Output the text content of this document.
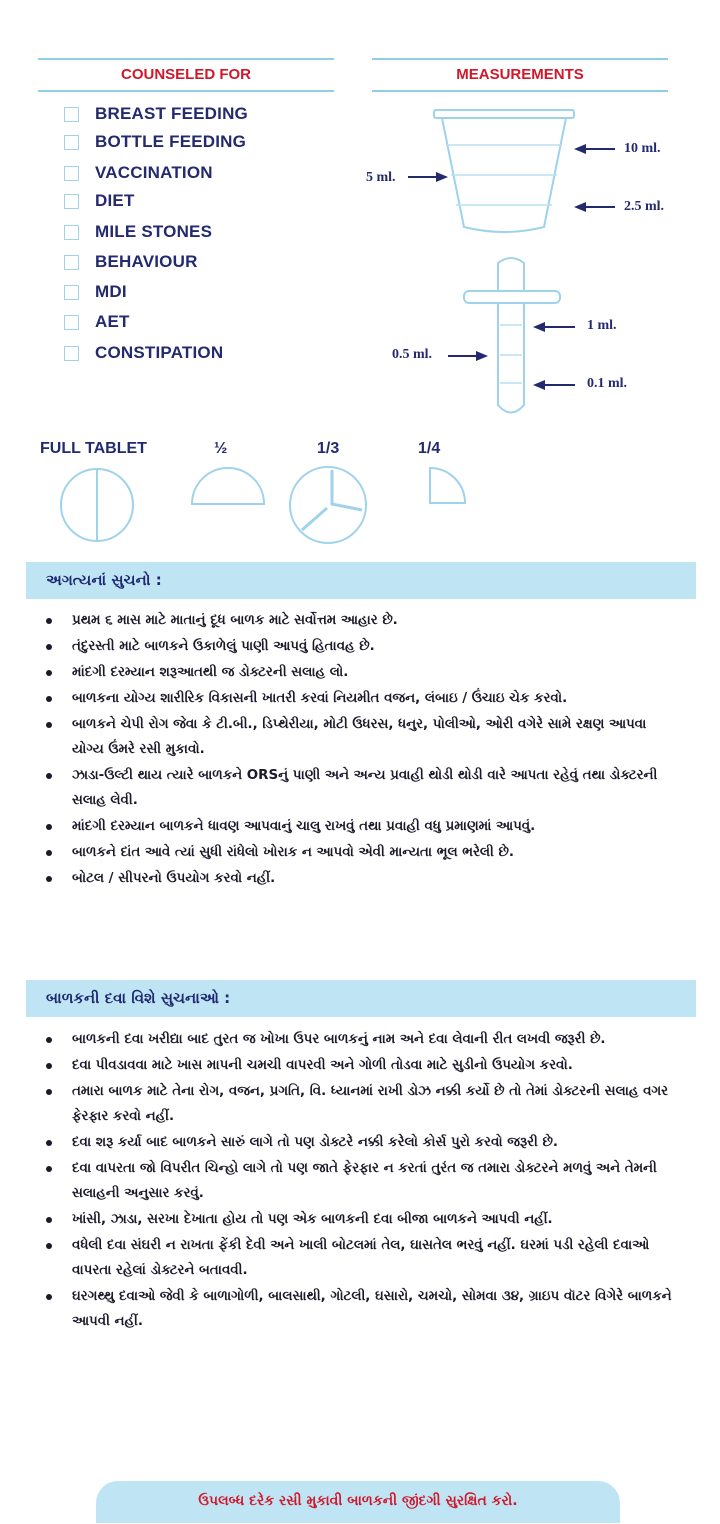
COUNSELED FOR	MEASUREMENTS
BREAST FEEDING
BOTTLE FEEDING
VACCINATION
DIET
MILE STONES
BEHAVIOUR
MDI
AET
CONSTIPATION
10 ml.
5 ml.
2.5 ml.
1 ml.
0.5 ml.
0.1 ml.
FULL TABLET	½	1/3	1/4
અગત્યનાં સુચનો :
પ્રથમ ૬ માસ માટે માતાનું દૂધ બાળક માટે સર્વોત્તમ આહાર છે.
તંદુરસ્તી માટે બાળકને ઉકાળેલું પાણી આપવું હિતાવહ છે.
માંદગી દરમ્યાન શરૂઆતથી જ ડોક્ટરની સલાહ લો.
બાળકના યોગ્ય શારીરિક વિકાસની ખાતરી કરવાં નિયમીત વજન, લંબાઇ / ઉંચાઇ ચેક કરવો.
બાળકને ચેપી રોગ જેવા કે ટી.બી., ડિપ્થેરીયા, મોટી ઉધરસ, ધનુર, પોલીઓ, ઓરી વગેરે સામે રક્ષણ આપવા યોગ્ય ઉંમરે રસી મુકાવો.
ઝાડા-ઉલ્ટી થાય ત્યારે બાળકને ORSનું પાણી અને અન્ય પ્રવાહી થોડી થોડી વારે આપતા રહેવું તથા ડોક્ટરની સલાહ લેવી.
માંદગી દરમ્યાન બાળકને ધાવણ આપવાનું ચાલુ રાખવું તથા પ્રવાહી વધુ પ્રમાણમાં આપવું.
બાળકને દાંત આવે ત્યાં સુધી રાંધેલો ખોરાક ન આપવો એવી માન્યતા ભૂલ ભરેલી છે.
બોટલ / સીપરનો ઉપયોગ કરવો નહીં.
બાળકની દવા વિશે સુચનાઓ :
બાળકની દવા ખરીદ્યા બાદ તુરત જ ખોખા ઉપર બાળકનું નામ અને દવા લેવાની રીત લખવી જરૂરી છે.
દવા પીવડાવવા માટે ખાસ માપની ચમચી વાપરવી અને ગોળી તોડવા માટે સુડીનો ઉપયોગ કરવો.
તમારા બાળક માટે તેના રોગ, વજન, પ્રગતિ, વિ. ધ્યાનમાં રાખી ડોઝ નક્કી કર્યો છે તો તેમાં ડોક્ટરની સલાહ વગર ફેરફાર કરવો નહીં.
દવા શરૂ કર્યા બાદ બાળકને સારું લાગે તો પણ ડોક્ટરે નક્કી કરેલો કોર્સ પુરો કરવો જરૂરી છે.
દવા વાપરતા જો વિપરીત ચિન્હો લાગે તો પણ જાતે ફેરફાર ન કરતાં તુરંત જ તમારા ડોક્ટરને મળવું અને તેમની સલાહની અનુસાર કરવું.
ખાંસી, ઝાડા, સરખા દેખાતા હોય તો પણ એક બાળકની દવા બીજા બાળકને આપવી નહીં.
વધેલી દવા સંઘરી ન રાખતા ફેંકી દેવી અને ખાલી બોટલમાં તેલ, ઘાસતેલ ભરવું નહીં. ઘરમાં પડી રહેલી દવાઓ વાપરતા રહેલાં ડોક્ટરને બતાવવી.
ઘરગથ્થુ દવાઓ જેવી કે બાળાગોળી, બાલસાથી, ગોટલી, ઘસારો, ચમચો, સોમવા ૩૪, ગ્રાઇપ વૉટર વિગેરે બાળકને આપવી નહીં.
ઉપલબ્ધ દરેક રસી મુકાવી બાળકની જીંદગી સુરક્ષિત કરો.
